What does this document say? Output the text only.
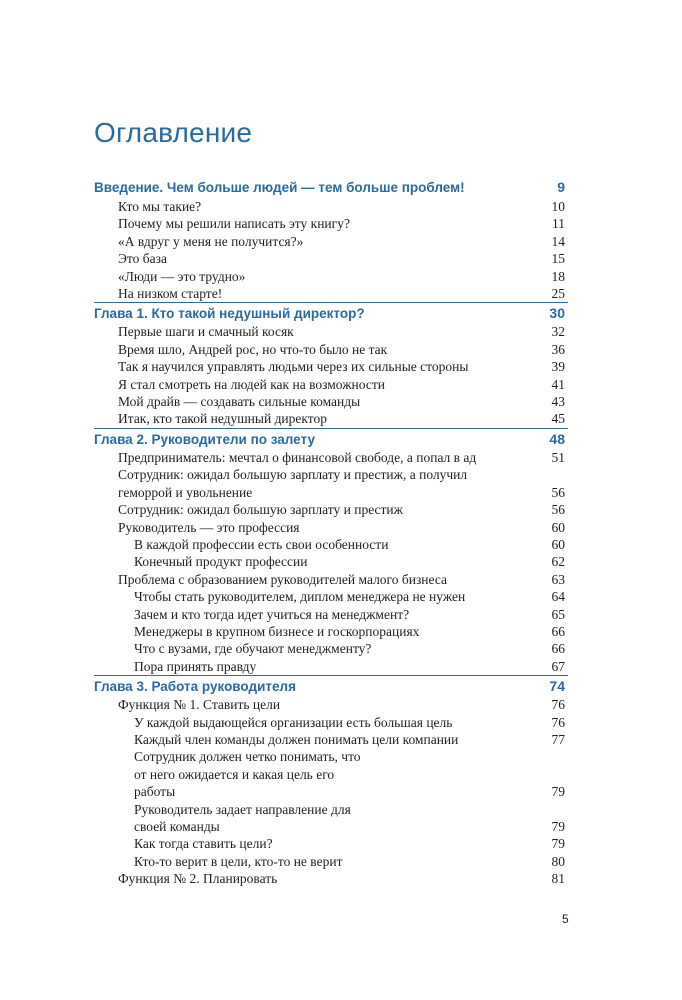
Оглавление
Введение. Чем больше людей — тем больше проблем!	9
Кто мы такие?	10
Почему мы решили написать эту книгу?	11
«А вдруг у меня не получится?»	14
Это база	15
«Люди — это трудно»	18
На низком старте!	25
Глава 1. Кто такой недушный директор?	30
Первые шаги и смачный косяк	32
Время шло, Андрей рос, но что-то было не так	36
Так я научился управлять людьми через их сильные стороны	39
Я стал смотреть на людей как на возможности	41
Мой драйв — создавать сильные команды	43
Итак, кто такой недушный директор	45
Глава 2. Руководители по залету	48
Предприниматель: мечтал о финансовой свободе, а попал в ад	51
Сотрудник: ожидал большую зарплату и престиж, а получил геморрой и увольнение	56
Сотрудник: ожидал большую зарплату и престиж	56
Руководитель — это профессия	60
В каждой профессии есть свои особенности	60
Конечный продукт профессии	62
Проблема с образованием руководителей малого бизнеса	63
Чтобы стать руководителем, диплом менеджера не нужен	64
Зачем и кто тогда идет учиться на менеджмент?	65
Менеджеры в крупном бизнесе и госкорпорациях	66
Что с вузами, где обучают менеджменту?	66
Пора принять правду	67
Глава 3. Работа руководителя	74
Функция № 1. Ставить цели	76
У каждой выдающейся организации есть большая цель	76
Каждый член команды должен понимать цели компании	77
Сотрудник должен четко понимать, что от него ожидается и какая цель его работы	79
Руководитель задает направление для своей команды	79
Как тогда ставить цели?	79
Кто-то верит в цели, кто-то не верит	80
Функция № 2. Планировать	81
5
